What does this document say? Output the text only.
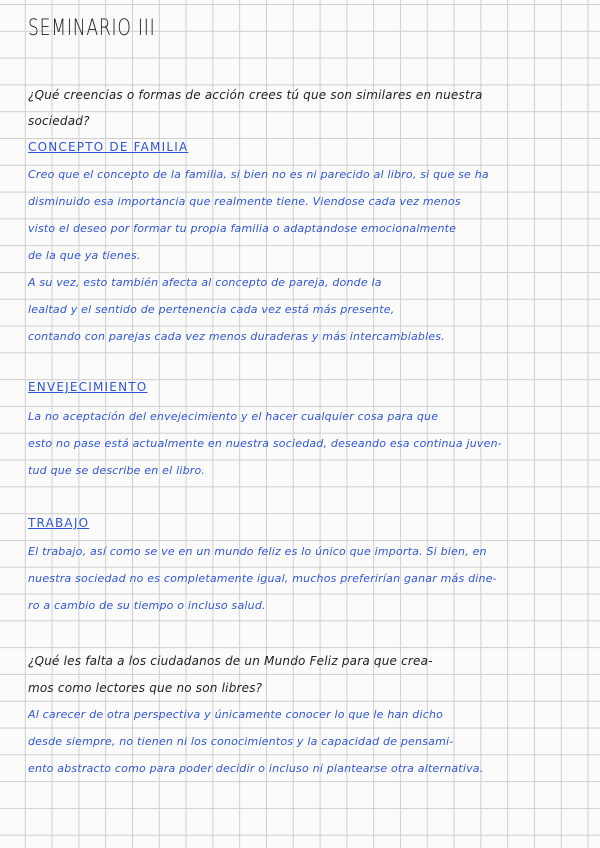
SEMINARIO III
¿Qué creencias o formas de acción crees tú que son similares en nuestra
sociedad?
CONCEPTO DE FAMILIA
Creo que el concepto de la familia, si bien no es ni parecido al libro, si que se ha
disminuido esa importancia que realmente tiene. Viendose cada vez menos
visto el deseo por formar tu propia familia o adaptandose emocionalmente
de la que ya tienes.
A su vez, esto también afecta al concepto de pareja, donde la
lealtad y el sentido de pertenencia cada vez está más presente,
contando con parejas cada vez menos duraderas y más intercambiables.
ENVEJECIMIENTO
La no aceptación del envejecimiento y el hacer cualquier cosa para que
esto no pase está actualmente en nuestra sociedad, deseando esa continua juven-
tud que se describe en el libro.
TRABAJO
El trabajo, así como se ve en un mundo feliz es lo único que importa. Si bien, en
nuestra sociedad no es completamente igual, muchos preferirían ganar más dine-
ro a cambio de su tiempo o incluso salud.
¿Qué les falta a los ciudadanos de un Mundo Feliz para que crea-
mos como lectores que no son libres?
Al carecer de otra perspectiva y únicamente conocer lo que le han dicho
desde siempre, no tienen ni los conocimientos y la capacidad de pensami-
ento abstracto como para poder decidir o incluso ni plantearse otra alternativa.
